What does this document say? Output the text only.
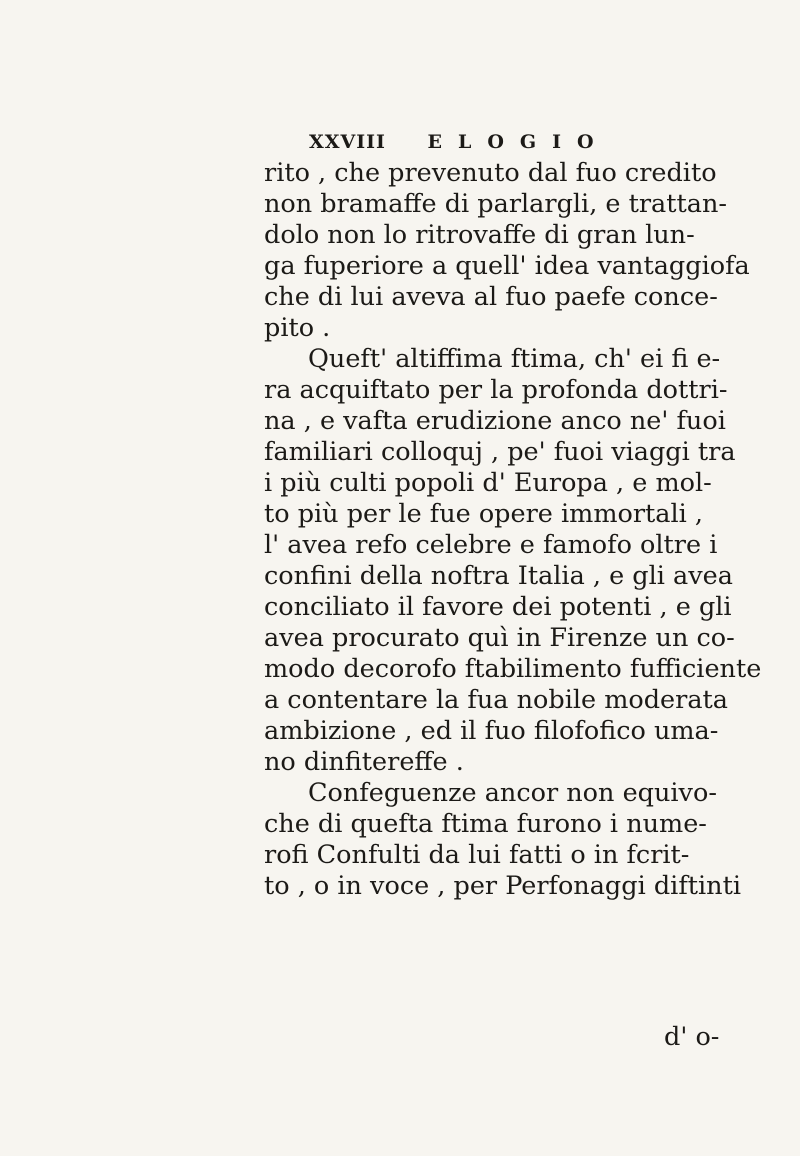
XXVIII ELOGIO
rito , che prevenuto dal fuo credito
non bramaffe di parlargli, e trattan-
dolo non lo ritrovaffe di gran lun-
ga fuperiore a quell' idea vantaggiofa
che di lui aveva al fuo paefe conce-
pito .
Queft' altiffima ftima, ch' ei fi e-
ra acquiftato per la profonda dottri-
na , e vafta erudizione anco ne' fuoi
familiari colloquj , pe' fuoi viaggi tra
i più culti popoli d' Europa , e mol-
to più per le fue opere immortali ,
l' avea refo celebre e famofo oltre i
confini della noftra Italia , e gli avea
conciliato il favore dei potenti , e gli
avea procurato quì in Firenze un co-
modo decorofo ftabilimento fufficiente
a contentare la fua nobile moderata
ambizione , ed il fuo filofofico uma-
no dinfitereffe .
Confeguenze ancor non equivo-
che di quefta ftima furono i nume-
rofi Confulti da lui fatti o in fcrit-
to , o in voce , per Perfonaggi diftinti
d' o-
